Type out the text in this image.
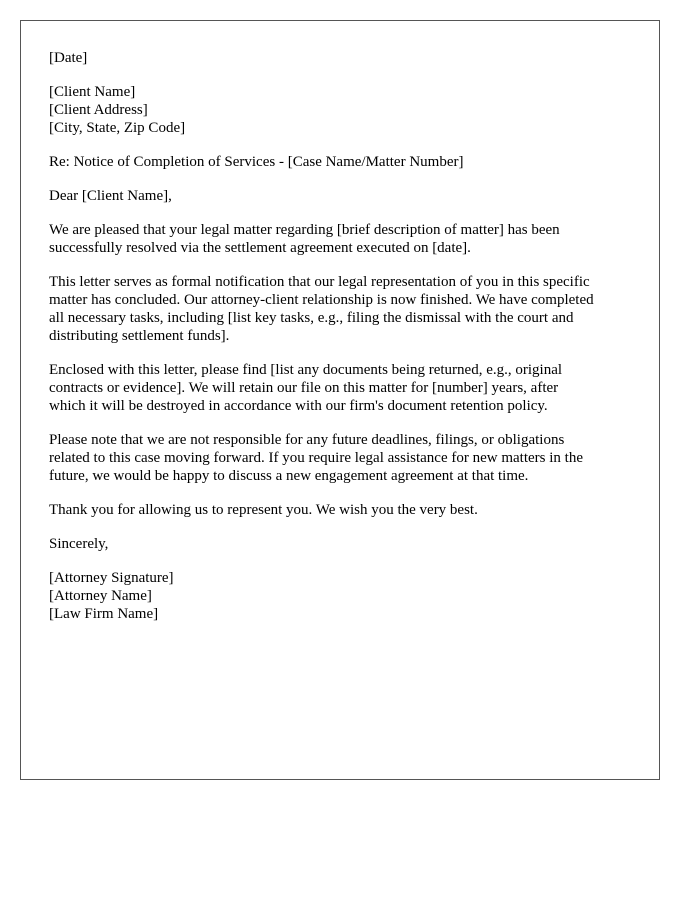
[Date]
[Client Name]
[Client Address]
[City, State, Zip Code]
Re: Notice of Completion of Services - [Case Name/Matter Number]
Dear [Client Name],
We are pleased that your legal matter regarding [brief description of matter] has been
successfully resolved via the settlement agreement executed on [date].
This letter serves as formal notification that our legal representation of you in this specific
matter has concluded. Our attorney-client relationship is now finished. We have completed
all necessary tasks, including [list key tasks, e.g., filing the dismissal with the court and
distributing settlement funds].
Enclosed with this letter, please find [list any documents being returned, e.g., original
contracts or evidence]. We will retain our file on this matter for [number] years, after
which it will be destroyed in accordance with our firm's document retention policy.
Please note that we are not responsible for any future deadlines, filings, or obligations
related to this case moving forward. If you require legal assistance for new matters in the
future, we would be happy to discuss a new engagement agreement at that time.
Thank you for allowing us to represent you. We wish you the very best.
Sincerely,
[Attorney Signature]
[Attorney Name]
[Law Firm Name]
